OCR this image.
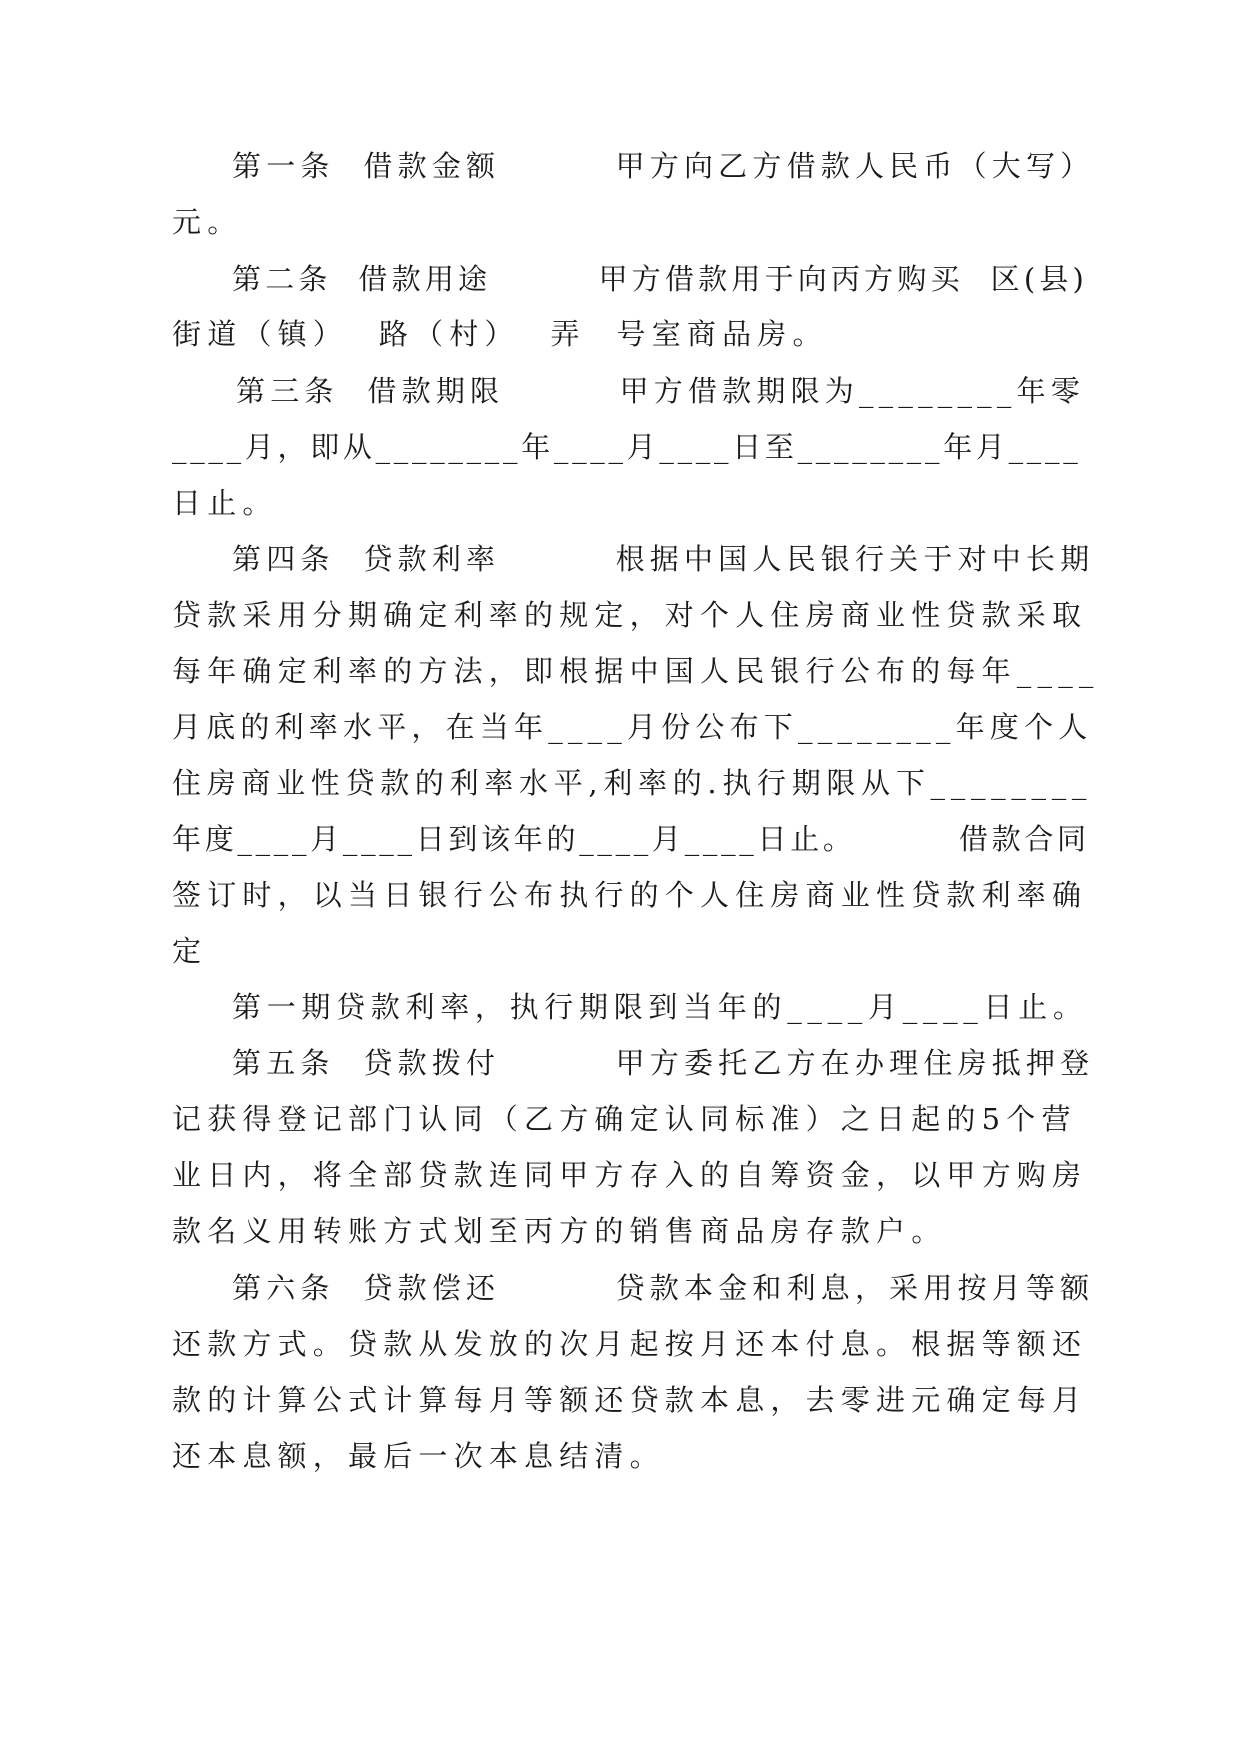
第一条  借款金额        甲方向乙方借款人民币（大写）

元。

第二条  借款用途        甲方借款用于向丙方购买  区(县)

街道（镇）  路（村）  弄  号室商品房。

第三条  借款期限        甲方借款期限为________年零

____月，即从________年____月____日至________年月____

日止。

第四条  贷款利率        根据中国人民银行关于对中长期

贷款采用分期确定利率的规定，对个人住房商业性贷款采取

每年确定利率的方法，即根据中国人民银行公布的每年____

月底的利率水平，在当年____月份公布下________年度个人

住房商业性贷款的利率水平,利率的.执行期限从下________

年度____月____日到该年的____月____日止。        借款合同

签订时，以当日银行公布执行的个人住房商业性贷款利率确

定

第一期贷款利率，执行期限到当年的____月____日止。

第五条  贷款拨付        甲方委托乙方在办理住房抵押登

记获得登记部门认同（乙方确定认同标准）之日起的5个营

业日内，将全部贷款连同甲方存入的自筹资金，以甲方购房

款名义用转账方式划至丙方的销售商品房存款户。

第六条  贷款偿还        贷款本金和利息，采用按月等额

还款方式。贷款从发放的次月起按月还本付息。根据等额还

款的计算公式计算每月等额还贷款本息，去零进元确定每月

还本息额，最后一次本息结清。
